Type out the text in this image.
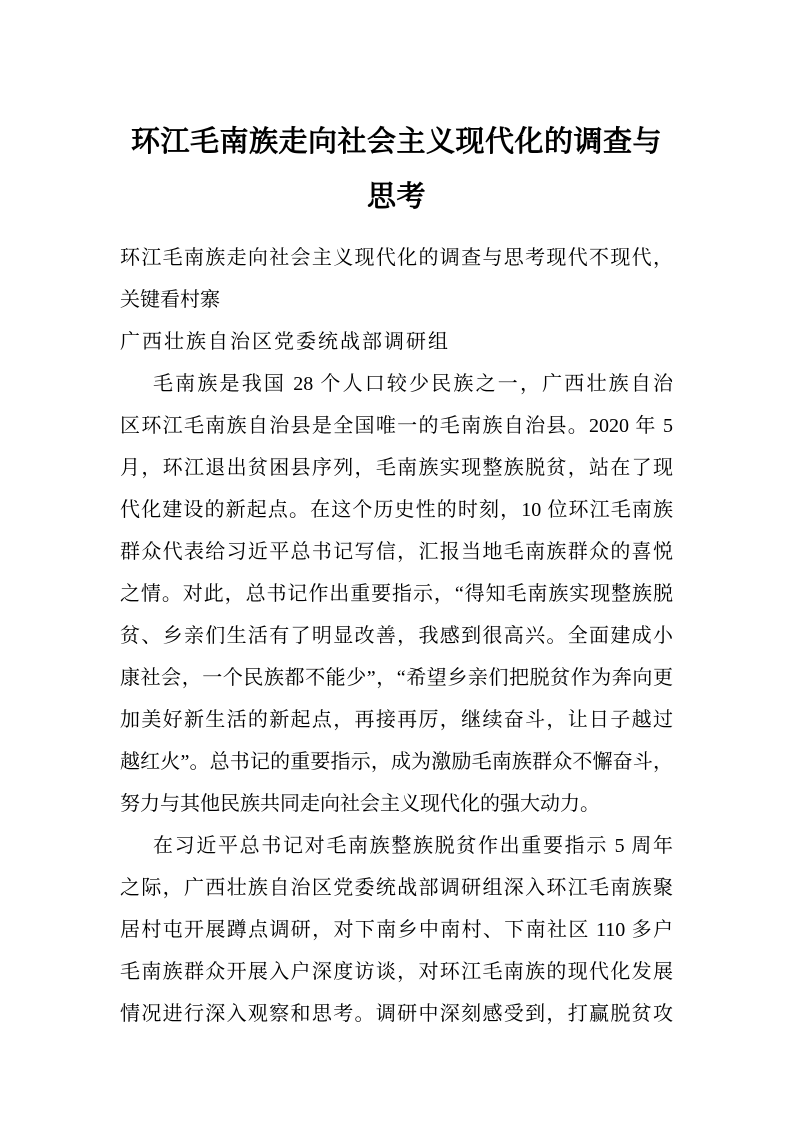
环江毛南族走向社会主义现代化的调查与
思考
环江毛南族走向社会主义现代化的调查与思考现代不现代，
关键看村寨
广西壮族自治区党委统战部调研组
毛南族是我国 28 个人口较少民族之一，广西壮族自治
区环江毛南族自治县是全国唯一的毛南族自治县。2020 年 5
月，环江退出贫困县序列，毛南族实现整族脱贫，站在了现
代化建设的新起点。在这个历史性的时刻，10 位环江毛南族
群众代表给习近平总书记写信，汇报当地毛南族群众的喜悦
之情。对此，总书记作出重要指示，“得知毛南族实现整族脱
贫、乡亲们生活有了明显改善，我感到很高兴。全面建成小
康社会，一个民族都不能少”，“希望乡亲们把脱贫作为奔向更
加美好新生活的新起点，再接再厉，继续奋斗，让日子越过
越红火”。总书记的重要指示，成为激励毛南族群众不懈奋斗，
努力与其他民族共同走向社会主义现代化的强大动力。
在习近平总书记对毛南族整族脱贫作出重要指示 5 周年
之际，广西壮族自治区党委统战部调研组深入环江毛南族聚
居村屯开展蹲点调研，对下南乡中南村、下南社区 110 多户
毛南族群众开展入户深度访谈，对环江毛南族的现代化发展
情况进行深入观察和思考。调研中深刻感受到，打赢脱贫攻
